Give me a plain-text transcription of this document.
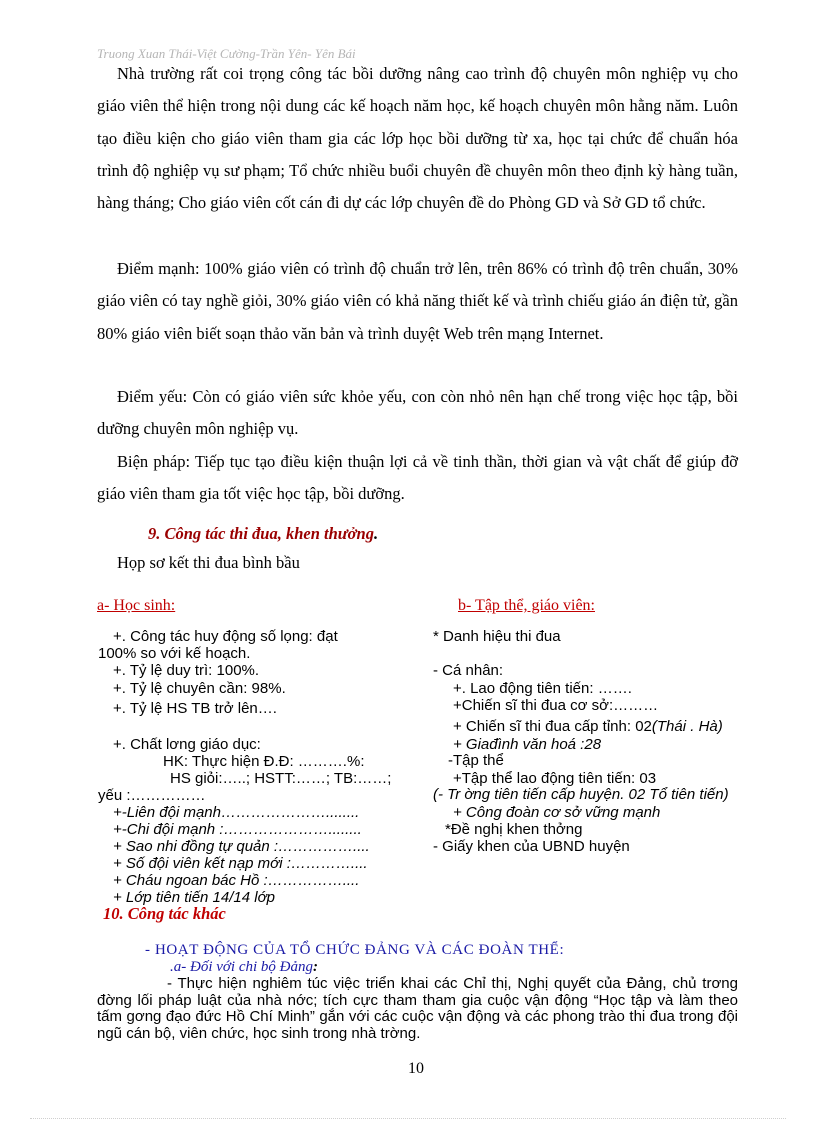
Truong Xuan Thái-Việt Cường-Trần Yên- Yên Bái

Nhà trường rất coi trọng công tác bồi dưỡng nâng cao trình độ chuyên môn nghiệp vụ cho giáo viên thể hiện trong nội dung các kế hoạch năm học, kế hoạch chuyên môn hằng năm. Luôn tạo điều kiện cho giáo viên tham gia các lớp học bồi dưỡng từ xa, học tại chức để chuẩn hóa trình độ nghiệp vụ sư phạm; Tổ chức nhiều buổi chuyên đề chuyên môn theo định kỳ hàng tuần, hàng tháng; Cho giáo viên cốt cán đi dự các lớp chuyên đề do Phòng GD và Sở GD tổ chức.

Điểm mạnh: 100% giáo viên có trình độ chuẩn trở lên, trên 86% có trình độ trên chuẩn, 30% giáo viên có tay nghề giỏi, 30% giáo viên có khả năng thiết kế và trình chiếu giáo án điện tử, gần 80% giáo viên biết soạn thảo văn bản và trình duyệt Web trên mạng Internet.

Điểm yếu: Còn có giáo viên sức khỏe yếu, con còn nhỏ nên hạn chế trong việc học tập, bồi dưỡng chuyên môn nghiệp vụ.

Biện pháp: Tiếp tục tạo điều kiện thuận lợi cả về tinh thần, thời gian và vật chất để giúp đỡ giáo viên tham gia tốt việc học tập, bồi dưỡng.

9. Công tác thi đua, khen thưởng.
Họp sơ kết thi đua bình bầu
a- Học sinh:	b- Tập thể, giáo viên:
+. Công tác huy động số lọng: đạt
100% so với kế hoạch.
+. Tỷ lệ duy trì: 100%.
+. Tỷ lệ chuyên cần: 98%.
+. Tỷ lệ HS TB trở lên….
+. Chất lơng giáo dục:
HK: Thực hiện Đ.Đ: ……….%:
HS giỏi:…..; HSTT:……; TB:……;
yếu :……………
+-Liên đội mạnh…………………........
+-Chi đội mạnh :…………………........
+ Sao nhi đồng tự quản :……………....
+ Số đội viên kết nạp mới :…………....
+ Cháu ngoan bác Hồ :……………....
+ Lớp tiên tiến 14/14 lớp
* Danh hiệu thi đua
- Cá nhân:
+. Lao động tiên tiến: …….
+Chiến sĩ thi đua cơ sở:………
+ Chiến sĩ thi đua cấp tỉnh: 02(Thái . Hà)
-Tập thể
+ Giađình văn hoá :28
+Tập thể lao động tiên tiến: 03
(- Tr ờng tiên tiến cấp huyện. 02 Tổ tiên tiến)
+ Công đoàn cơ sở vững mạnh
*Đề nghị khen thởng
- Giấy khen của UBND huyện
10. Công tác khác
- HOẠT ĐỘNG CỦA TỔ CHỨC ĐẢNG VÀ CÁC ĐOÀN THỂ:
.a- Đối với chi bộ Đảng:

- Thực hiện nghiêm túc việc triển khai các Chỉ thị, Nghị quyết của Đảng, chủ trơng đờng lối pháp luật của nhà nớc; tích cực tham tham gia cuộc vận động “Học tập và làm theo tấm gơng đạo đức Hồ Chí Minh” gắn với các cuộc vận động và các phong trào thi đua trong đội ngũ cán bộ, viên chức, học sinh trong nhà trờng.

10
